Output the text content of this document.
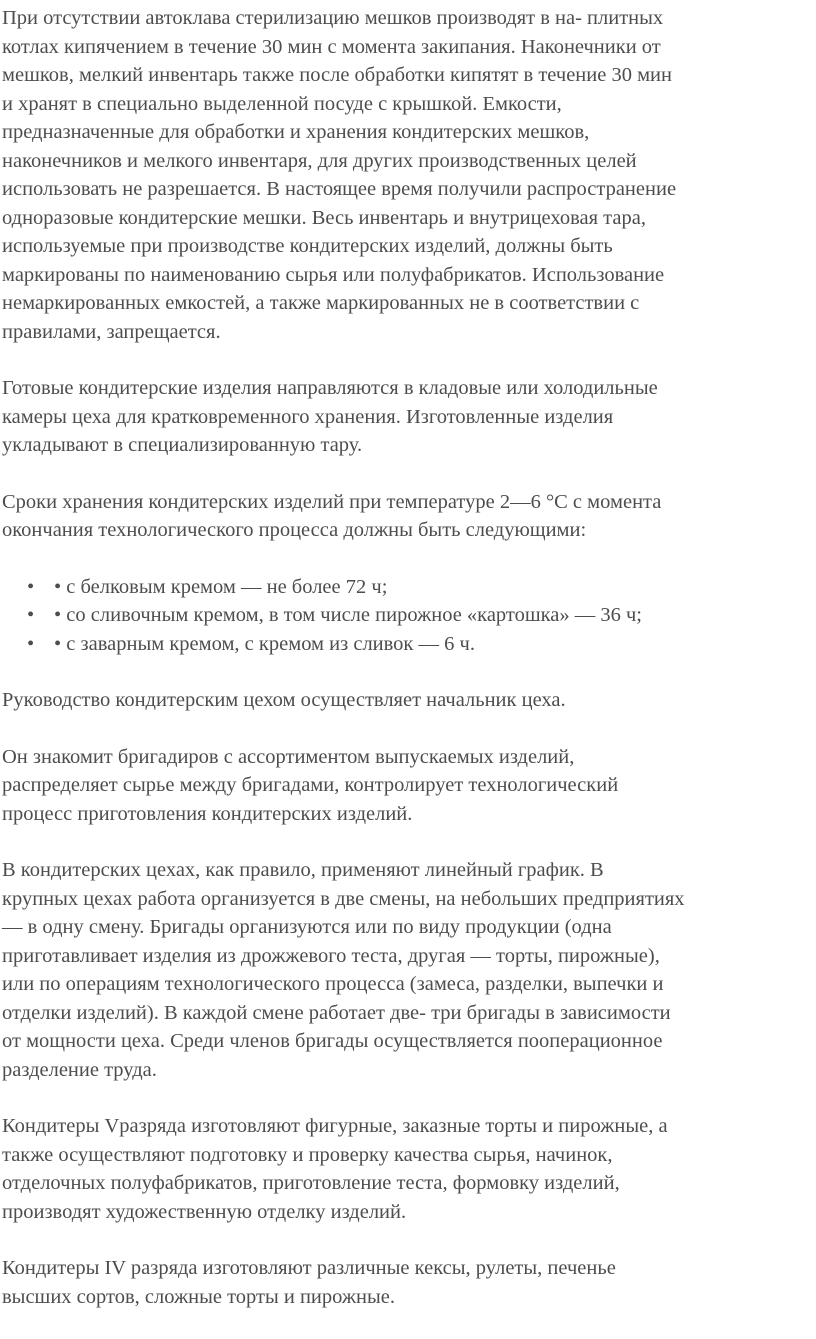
При отсутствии автоклава стерилизацию мешков производят в на- плитных
котлах кипячением в течение 30 мин с момента закипания. Наконечники от
мешков, мелкий инвентарь также после обработки кипятят в течение 30 мин
и хранят в специально выделенной посуде с крышкой. Емкости,
предназначенные для обработки и хранения кондитерских мешков,
наконечников и мелкого инвентаря, для других производственных целей
использовать не разрешается. В настоящее время получили распространение
одноразовые кондитерские мешки. Весь инвентарь и внутрицеховая тара,
используемые при производстве кондитерских изделий, должны быть
маркированы по наименованию сырья или полуфабрикатов. Использование
немаркированных емкостей, а также маркированных не в соответствии с
правилами, запрещается.

Готовые кондитерские изделия направляются в кладовые или холодильные
камеры цеха для кратковременного хранения. Изготовленные изделия
укладывают в специализированную тару.

Сроки хранения кондитерских изделий при температуре 2—6 °С с момента
окончания технологического процесса должны быть следующими:

• • с белковым кремом — не более 72 ч;
• • со сливочным кремом, в том числе пирожное «картошка» — 36 ч;
• • с заварным кремом, с кремом из сливок — 6 ч.

Руководство кондитерским цехом осуществляет начальник цеха.

Он знакомит бригадиров с ассортиментом выпускаемых изделий,
распределяет сырье между бригадами, контролирует технологический
процесс приготовления кондитерских изделий.

В кондитерских цехах, как правило, применяют линейный график. В
крупных цехах работа организуется в две смены, на небольших предприятиях
— в одну смену. Бригады организуются или по виду продукции (одна
приготавливает изделия из дрожжевого теста, другая — торты, пирожные),
или по операциям технологического процесса (замеса, разделки, выпечки и
отделки изделий). В каждой смене работает две- три бригады в зависимости
от мощности цеха. Среди членов бригады осуществляется пооперационное
разделение труда.

Кондитеры Vразряда изготовляют фигурные, заказные торты и пирожные, а
также осуществляют подготовку и проверку качества сырья, начинок,
отделочных полуфабрикатов, приготовление теста, формовку изделий,
производят художественную отделку изделий.

Кондитеры IV разряда изготовляют различные кексы, рулеты, печенье
высших сортов, сложные торты и пирожные.
